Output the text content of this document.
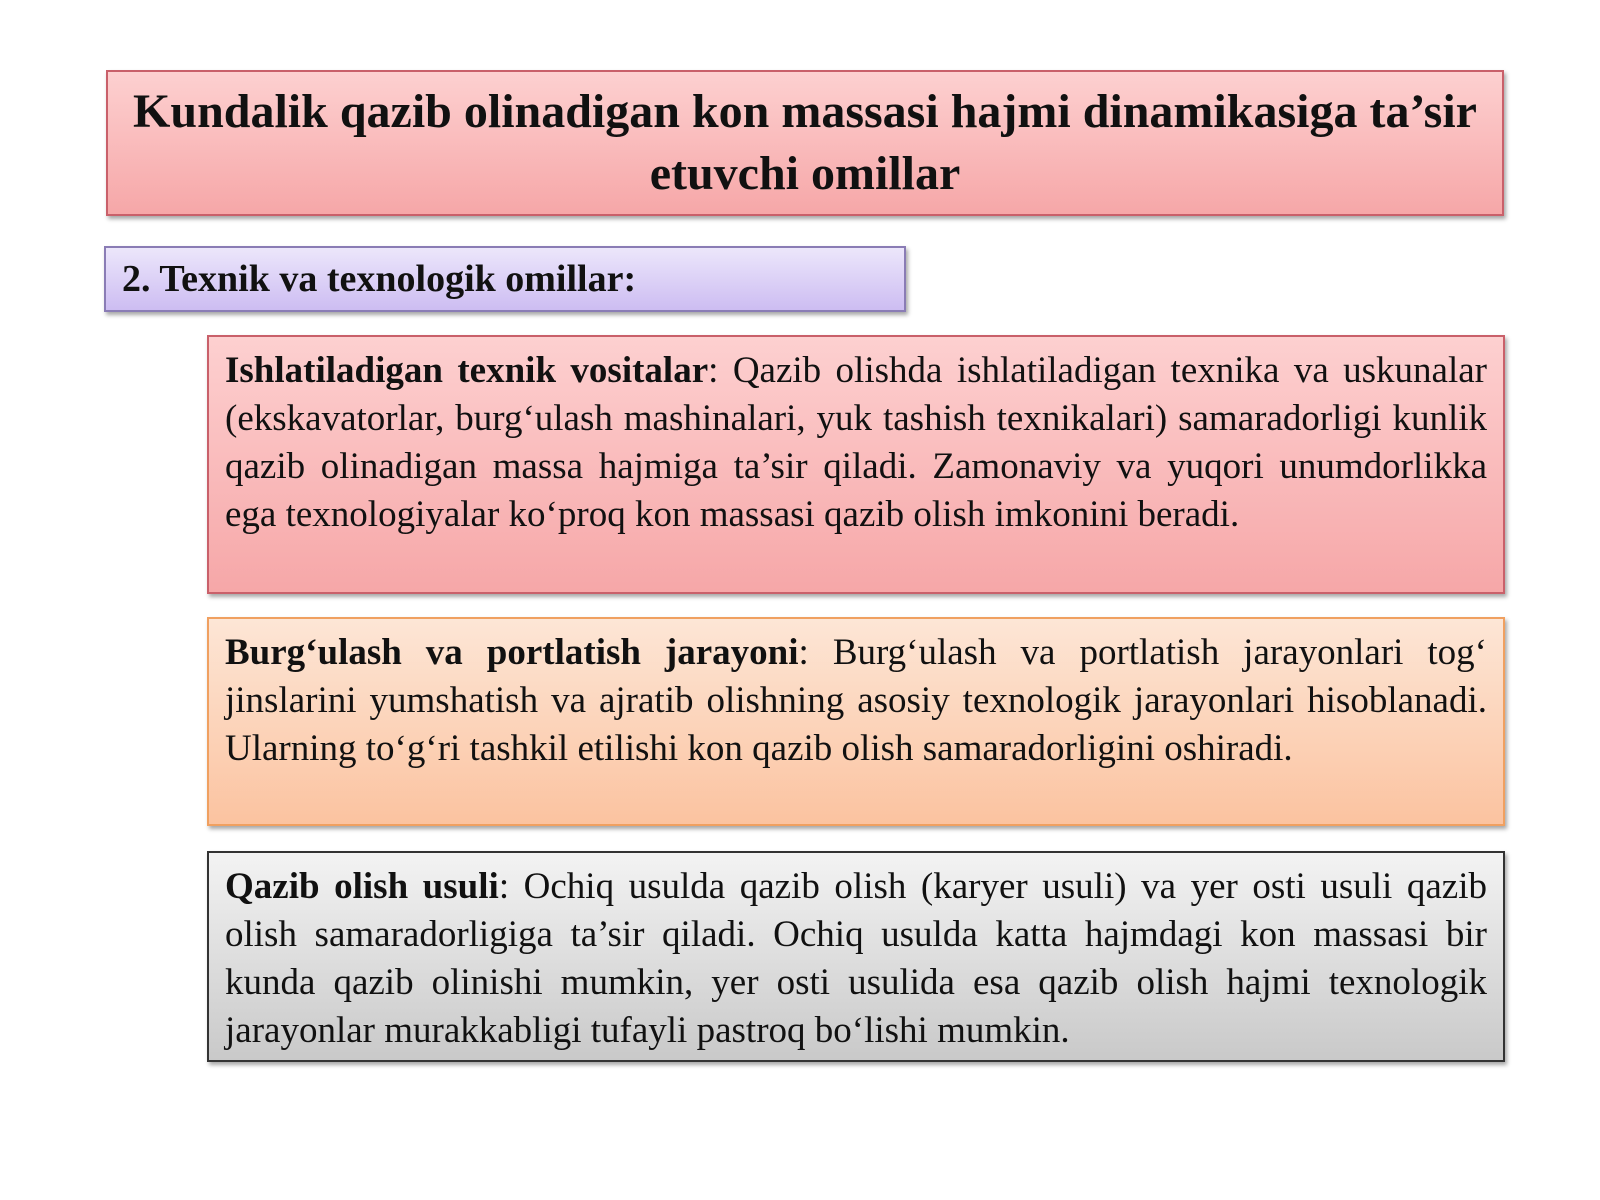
Kundalik qazib olinadigan kon massasi hajmi dinamikasiga ta’sir etuvchi omillar

2. Texnik va texnologik omillar:

Ishlatiladigan texnik vositalar: Qazib olishda ishlatiladigan texnika va uskunalar (ekskavatorlar, burg‘ulash mashinalari, yuk tashish texnikalari) samaradorligi kunlik qazib olinadigan massa hajmiga ta’sir qiladi. Zamonaviy va yuqori unumdorlikka ega texnologiyalar ko‘proq kon massasi qazib olish imkonini beradi.

Burg‘ulash va portlatish jarayoni: Burg‘ulash va portlatish jarayonlari tog‘ jinslarini yumshatish va ajratib olishning asosiy texnologik jarayonlari hisoblanadi. Ularning to‘g‘ri tashkil etilishi kon qazib olish samaradorligini oshiradi.

Qazib olish usuli: Ochiq usulda qazib olish (karyer usuli) va yer osti usuli qazib olish samaradorligiga ta’sir qiladi. Ochiq usulda katta hajmdagi kon massasi bir kunda qazib olinishi mumkin, yer osti usulida esa qazib olish hajmi texnologik jarayonlar murakkabligi tufayli pastroq bo‘lishi mumkin.
